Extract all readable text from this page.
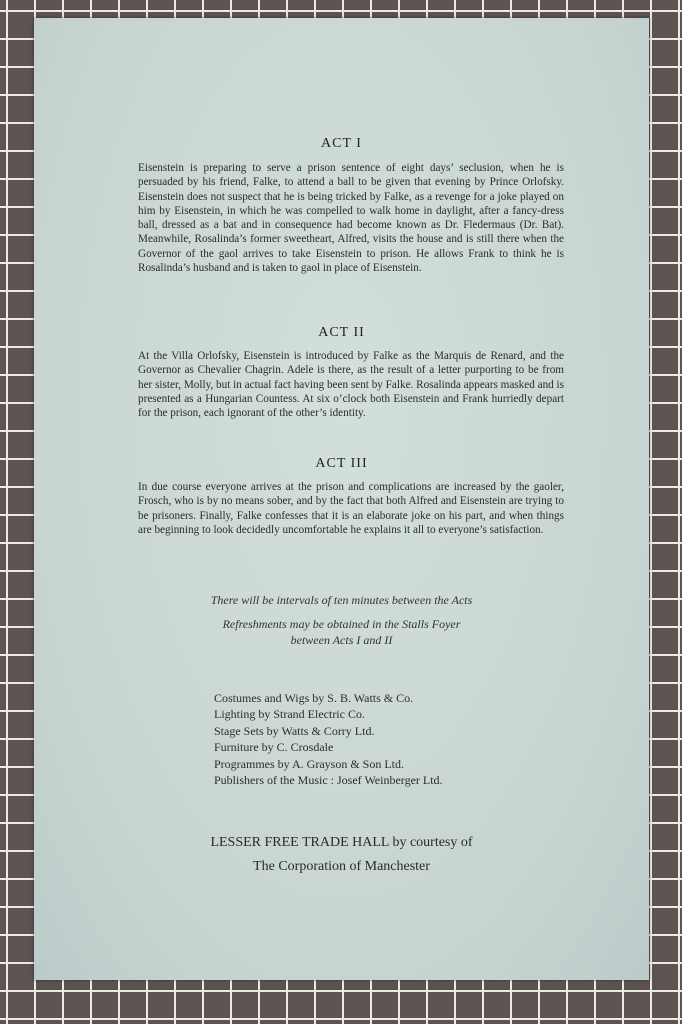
ACT I
Eisenstein is preparing to serve a prison sentence of eight days’ seclusion, when he is persuaded by his friend, Falke, to attend a ball to be given that evening by Prince Orlofsky. Eisenstein does not suspect that he is being tricked by Falke, as a revenge for a joke played on him by Eisenstein, in which he was compelled to walk home in daylight, after a fancy-dress ball, dressed as a bat and in consequence had become known as Dr. Fledermaus (Dr. Bat). Meanwhile, Rosalinda’s former sweetheart, Alfred, visits the house and is still there when the Governor of the gaol arrives to take Eisenstein to prison. He allows Frank to think he is Rosalinda’s husband and is taken to gaol in place of Eisenstein.
ACT II
At the Villa Orlofsky, Eisenstein is introduced by Falke as the Marquis de Renard, and the Governor as Chevalier Chagrin. Adele is there, as the result of a letter purporting to be from her sister, Molly, but in actual fact having been sent by Falke. Rosalinda appears masked and is presented as a Hungarian Countess. At six o’clock both Eisenstein and Frank hurriedly depart for the prison, each ignorant of the other’s identity.
ACT III
In due course everyone arrives at the prison and complications are increased by the gaoler, Frosch, who is by no means sober, and by the fact that both Alfred and Eisenstein are trying to be prisoners. Finally, Falke confesses that it is an elaborate joke on his part, and when things are beginning to look decidedly uncomfortable he explains it all to everyone’s satisfaction.
There will be intervals of ten minutes between the Acts
Refreshments may be obtained in the Stalls Foyer
between Acts I and II
Costumes and Wigs by S. B. Watts & Co.
Lighting by Strand Electric Co.
Stage Sets by Watts & Corry Ltd.
Furniture by C. Crosdale
Programmes by A. Grayson & Son Ltd.
Publishers of the Music : Josef Weinberger Ltd.
LESSER FREE TRADE HALL by courtesy of
The Corporation of Manchester
